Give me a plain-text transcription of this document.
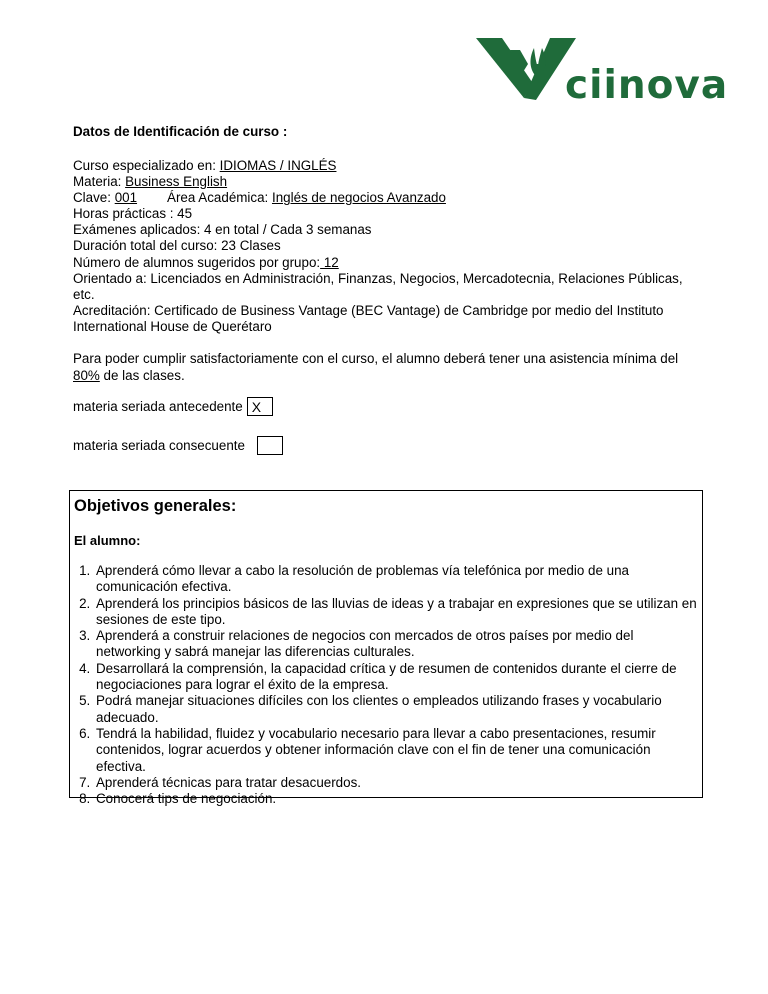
ciinova

Datos de Identificación de curso :

Curso especializado en: IDIOMAS / INGLÉS

Materia: Business English

Clave: 001 Área Académica: Inglés de negocios Avanzado

Horas prácticas : 45

Exámenes aplicados: 4 en total / Cada 3 semanas

Duración total del curso: 23 Clases

Número de alumnos sugeridos por grupo: 12

Orientado a: Licenciados en Administración, Finanzas, Negocios, Mercadotecnia, Relaciones Públicas, etc.

Acreditación: Certificado de Business Vantage (BEC Vantage) de Cambridge por medio del Instituto International House de Querétaro

Para poder cumplir satisfactoriamente con el curso, el alumno deberá tener una asistencia mínima del 80% de las clases.

materia seriada antecedente X
materia seriada consecuente

Objetivos generales:

El alumno:

1. Aprenderá cómo llevar a cabo la resolución de problemas vía telefónica por medio de una comunicación efectiva.
2. Aprenderá los principios básicos de las lluvias de ideas y a trabajar en expresiones que se utilizan en sesiones de este tipo.
3. Aprenderá a construir relaciones de negocios con mercados de otros países por medio del networking y sabrá manejar las diferencias culturales.
4. Desarrollará la comprensión, la capacidad crítica y de resumen de contenidos durante el cierre de negociaciones para lograr el éxito de la empresa.
5. Podrá manejar situaciones difíciles con los clientes o empleados utilizando frases y vocabulario adecuado.
6. Tendrá la habilidad, fluidez y vocabulario necesario para llevar a cabo presentaciones, resumir contenidos, lograr acuerdos y obtener información clave con el fin de tener una comunicación efectiva.
7. Aprenderá técnicas para tratar desacuerdos.
8. Conocerá tips de negociación.
